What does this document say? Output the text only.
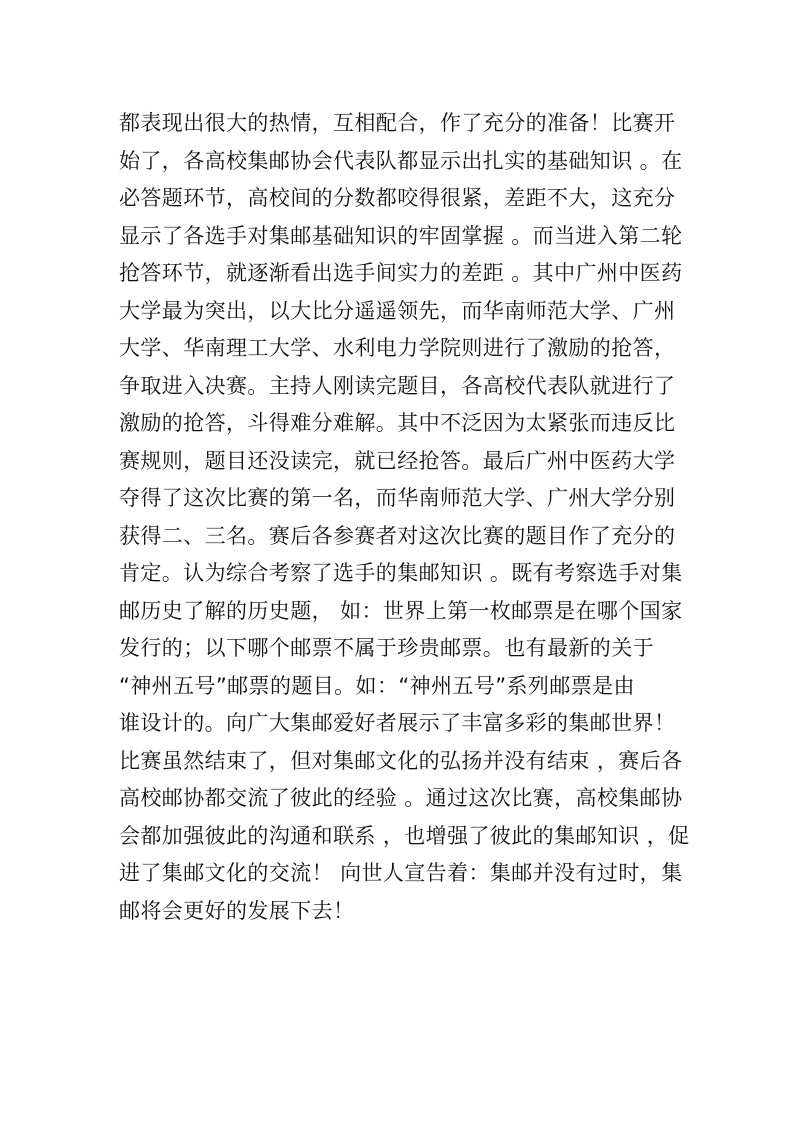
都表现出很大的热情，互相配合，作了充分的准备！比赛开
始了，各高校集邮协会代表队都显示出扎实的基础知识 。在
必答题环节，高校间的分数都咬得很紧，差距不大，这充分
显示了各选手对集邮基础知识的牢固掌握 。而当进入第二轮
抢答环节，就逐渐看出选手间实力的差距 。其中广州中医药
大学最为突出，以大比分遥遥领先，而华南师范大学、广州
大学、华南理工大学、水利电力学院则进行了激励的抢答，
争取进入决赛。主持人刚读完题目，各高校代表队就进行了
激励的抢答，斗得难分难解。其中不泛因为太紧张而违反比
赛规则，题目还没读完，就已经抢答。最后广州中医药大学
夺得了这次比赛的第一名，而华南师范大学、广州大学分别
获得二、三名。赛后各参赛者对这次比赛的题目作了充分的
肯定。认为综合考察了选手的集邮知识 。既有考察选手对集
邮历史了解的历史题， 如：世界上第一枚邮票是在哪个国家
发行的；以下哪个邮票不属于珍贵邮票。也有最新的关于
“神州五号”邮票的题目。如：“神州五号”系列邮票是由
谁设计的。向广大集邮爱好者展示了丰富多彩的集邮世界！
比赛虽然结束了，但对集邮文化的弘扬并没有结束 ，赛后各
高校邮协都交流了彼此的经验 。通过这次比赛，高校集邮协
会都加强彼此的沟通和联系 ，也增强了彼此的集邮知识 ，促
进了集邮文化的交流！ 向世人宣告着：集邮并没有过时，集
邮将会更好的发展下去！
